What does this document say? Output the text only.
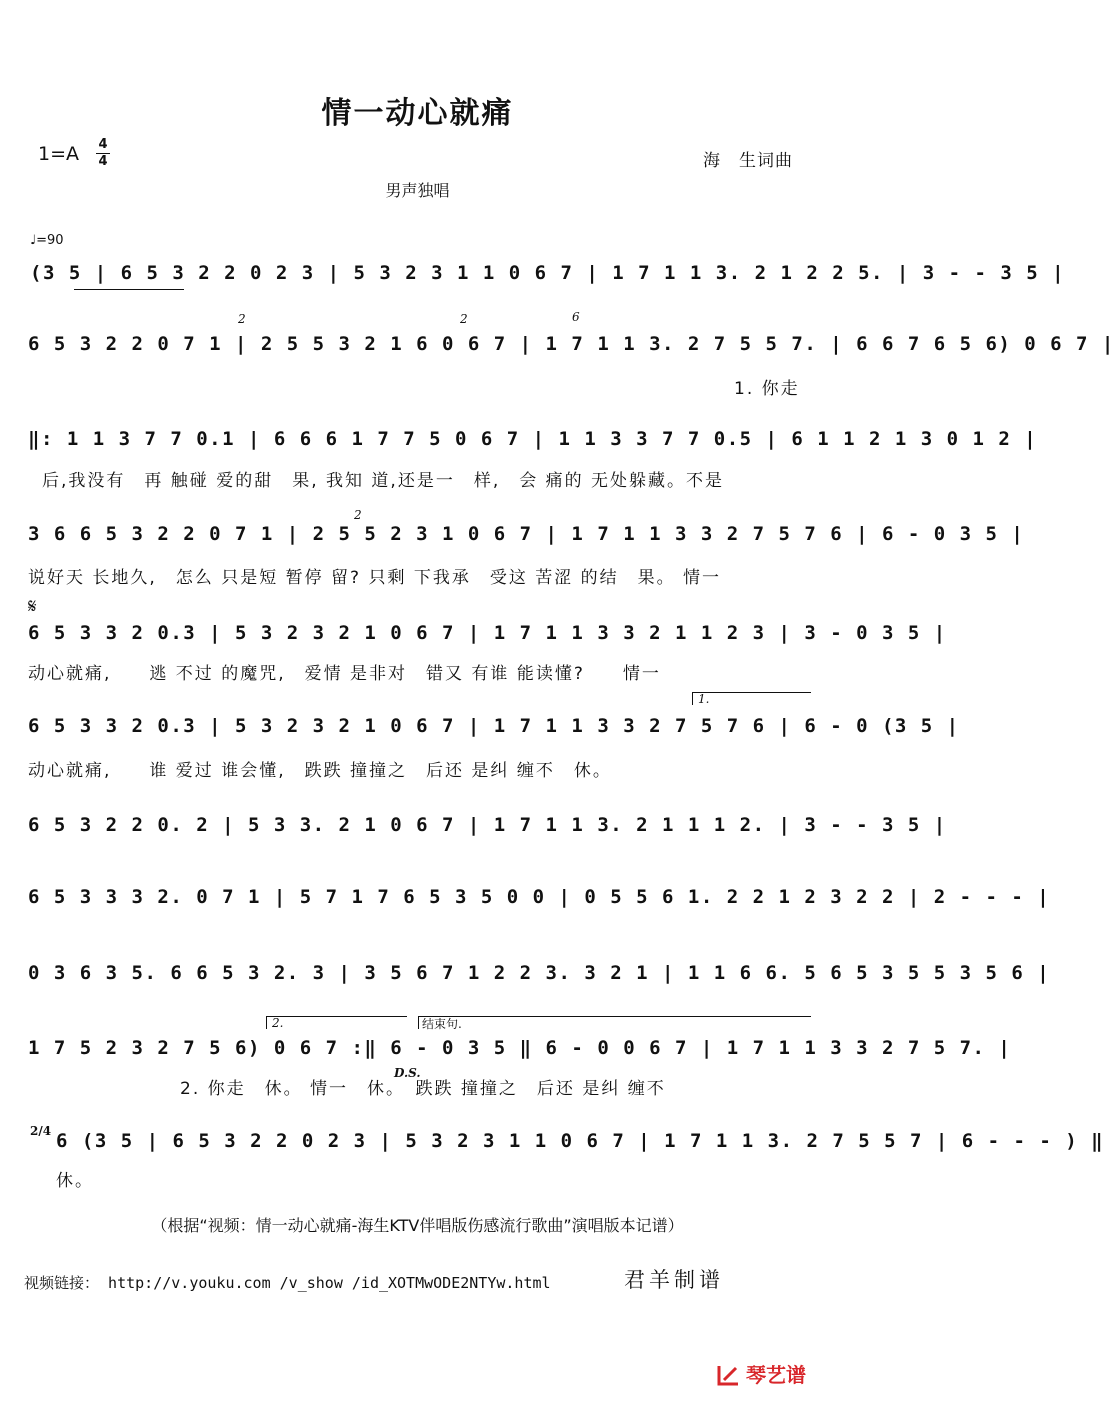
情一动心就痛
1=A 4
4	海　生词曲
男声独唱
♩=90
(3 5 | 6 5 3 2 2 0 2 3 | 5 3 2 3 1 1 0 6 7 | 1 7 1 1 3. 2 1 2 2 5. | 3 - - 3 5 |
6 5 3 2 2 0 7 1 | 2 5 5 3 2 1 6 0 6 7 | 1 7 1 1 3. 2 7 5 5 7. | 6 6 7 6 5 6) 0 6 7 |
1. 你走
2	2	6
‖: 1 1 3 7 7 0.1 | 6 6 6 1 7 7 5 0 6 7 | 1 1 3 3 7 7 0.5 | 6 1 1 2 1 3 0 1 2 |
后,我没有　再 触碰 爱的甜　果, 我知 道,还是一　样,　会 痛的 无处躲藏。不是
3 6 6 5 3 2 2 0 7 1 | 2 5 5 2 3 1 0 6 7 | 1 7 1 1 3 3 2 7 5 7 6 | 6 - 0 3 5 |
说好天 长地久,　怎么 只是短 暂停 留? 只剩 下我承　受这 苦涩 的结　果。 情一
2
𝄋
6 5 3 3 2 0.3 | 5 3 2 3 2 1 0 6 7 | 1 7 1 1 3 3 2 1 1 2 3 | 3 - 0 3 5 |
动心就痛,　　逃 不过 的魔咒,　爱情 是非对　错又 有谁 能读懂?　　情一
1.
6 5 3 3 2 0.3 | 5 3 2 3 2 1 0 6 7 | 1 7 1 1 3 3 2 7 5 7 6 | 6 - 0 (3 5 |
动心就痛,　　谁 爱过 谁会懂,　跌跌 撞撞之　后还 是纠 缠不　休。
6 5 3 2 2 0. 2 | 5 3 3. 2 1 0 6 7 | 1 7 1 1 3. 2 1 1 1 2. | 3 - - 3 5 |
6 5 3 3 3 2. 0 7 1 | 5 7 1 7 6 5 3 5 0 0 | 0 5 5 6 1. 2 2 1 2 3 2 2 | 2 - - - |
0 3 6 3 5. 6 6 5 3 2. 3 | 3 5 6 7 1 2 2 3. 3 2 1 | 1 1 6 6. 5 6 5 3 5 5 3 5 6 |
2.	结束句.
1 7 5 2 3 2 7 5 6) 0 6 7 :‖ 6 - 0 3 5 ‖ 6 - 0 0 6 7 | 1 7 1 1 3 3 2 7 5 7. |
2. 你走　休。 情一　休。　跌跌 撞撞之　后还 是纠 缠不
D.S.
2/4 6 (3 5 | 6 5 3 2 2 0 2 3 | 5 3 2 3 1 1 0 6 7 | 1 7 1 1 3. 2 7 5 5 7 | 6 - - - ) ‖
休。
（根据“视频：情一动心就痛-海生KTV伴唱版伤感流行歌曲”演唱版本记谱）
视频链接： http://v.youku.com /v_show /id_XOTMwODE2NTYw.html	君羊制谱
琴艺谱
